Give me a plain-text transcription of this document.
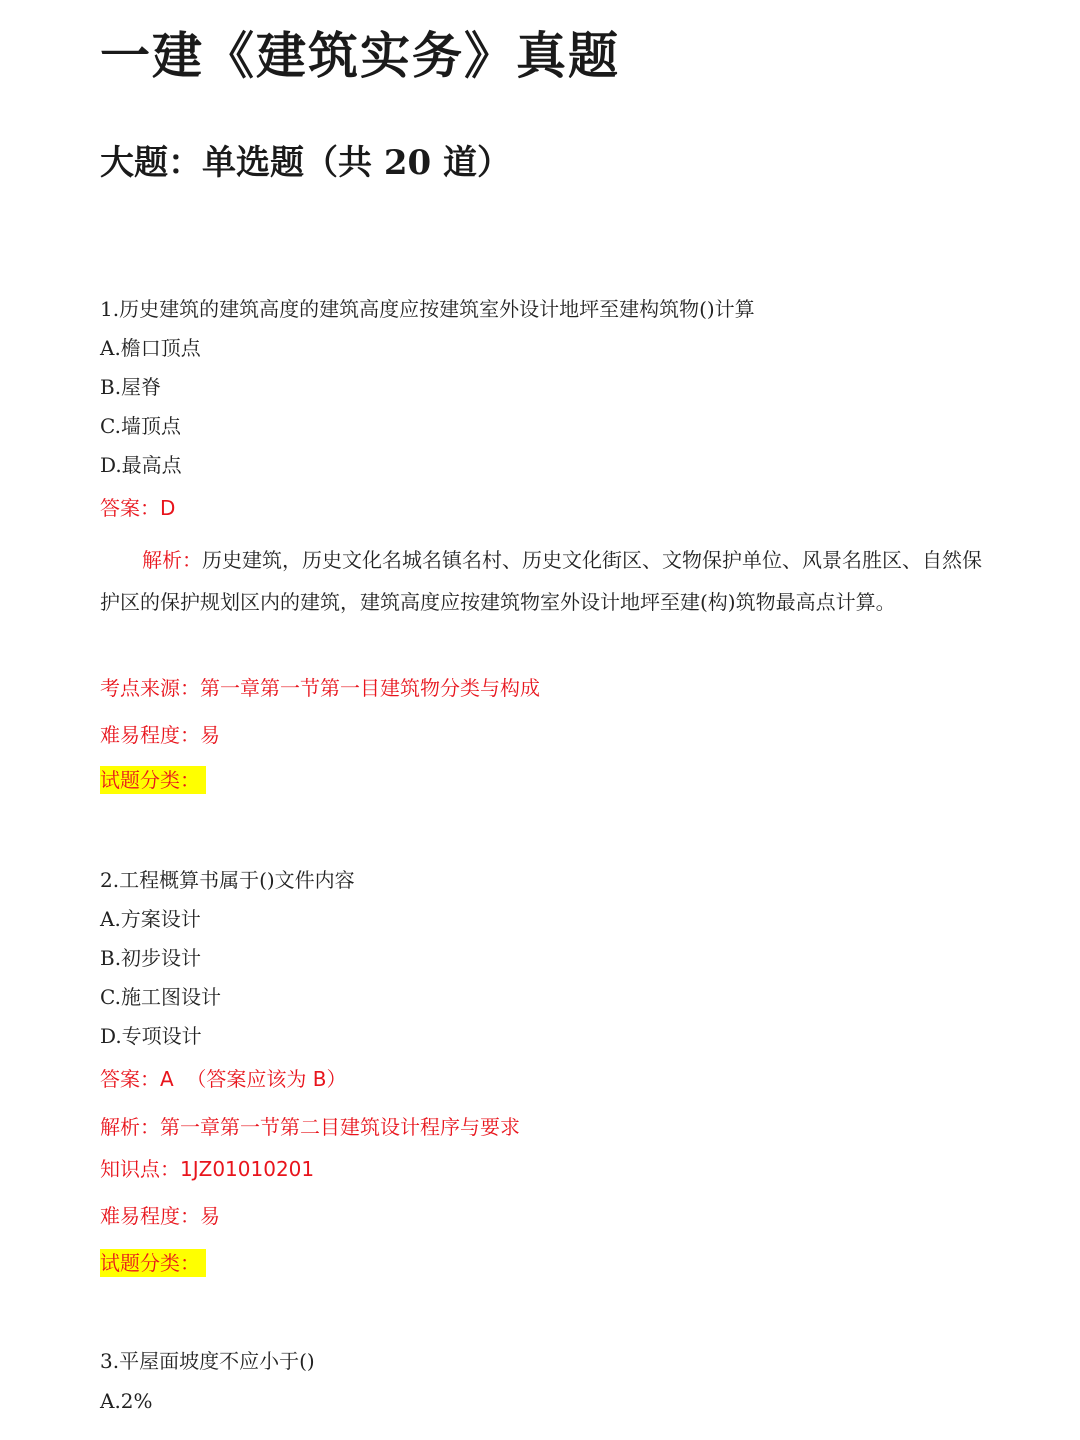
一建《建筑实务》真题
大题：单选题（共 20 道）
1.历史建筑的建筑高度的建筑高度应按建筑室外设计地坪至建构筑物()计算
A.檐口顶点
B.屋脊
C.墙顶点
D.最高点
答案：D
解析：历史建筑，历史文化名城名镇名村、历史文化街区、文物保护单位、风景名胜区、自然保护区的保护规划区内的建筑，建筑高度应按建筑物室外设计地坪至建(构)筑物最高点计算。
考点来源：第一章第一节第一目建筑物分类与构成
难易程度：易
试题分类：
2.工程概算书属于()文件内容
A.方案设计
B.初步设计
C.施工图设计
D.专项设计
答案：A  （答案应该为 B）
解析：第一章第一节第二目建筑设计程序与要求
知识点：1JZ01010201
难易程度：易
试题分类：
3.平屋面坡度不应小于()
A.2%
